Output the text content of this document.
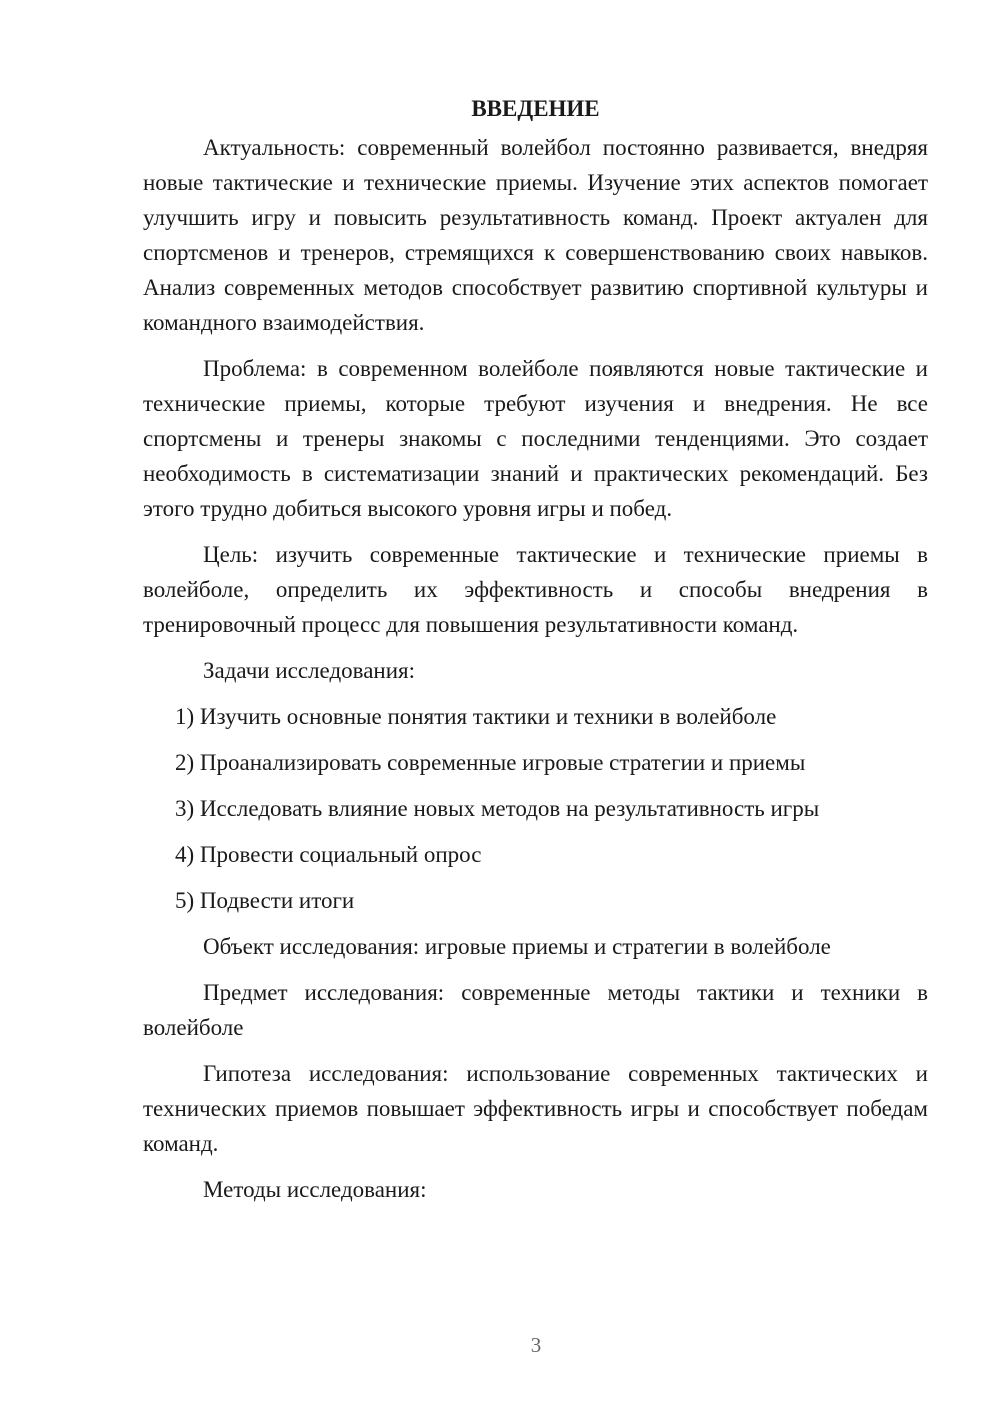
ВВЕДЕНИЕ

Актуальность: современный волейбол постоянно развивается, внедряя новые тактические и технические приемы. Изучение этих аспектов помогает улучшить игру и повысить результативность команд. Проект актуален для спортсменов и тренеров, стремящихся к совершенствованию своих навыков. Анализ современных методов способствует развитию спортивной культуры и командного взаимодействия.

Проблема: в современном волейболе появляются новые тактические и технические приемы, которые требуют изучения и внедрения. Не все спортсмены и тренеры знакомы с последними тенденциями. Это создает необходимость в систематизации знаний и практических рекомендаций. Без этого трудно добиться высокого уровня игры и побед.

Цель: изучить современные тактические и технические приемы в волейболе, определить их эффективность и способы внедрения в тренировочный процесс для повышения результативности команд.

Задачи исследования:

1) Изучить основные понятия тактики и техники в волейболе

2) Проанализировать современные игровые стратегии и приемы

3) Исследовать влияние новых методов на результативность игры

4) Провести социальный опрос

5) Подвести итоги

Объект исследования: игровые приемы и стратегии в волейболе

Предмет исследования: современные методы тактики и техники в волейболе

Гипотеза исследования: использование современных тактических и технических приемов повышает эффективность игры и способствует победам команд.

Методы исследования:

3
